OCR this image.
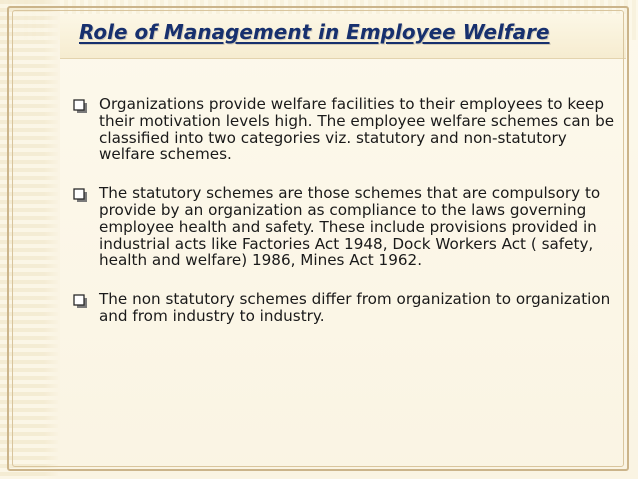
Role of Management in Employee Welfare

Organizations provide welfare facilities to their employees to keep their motivation levels high. The employee welfare schemes can be classified into two categories viz. statutory and non-statutory welfare schemes.

The statutory schemes are those schemes that are compulsory to provide by an organization as compliance to the laws governing employee health and safety. These include provisions provided in industrial acts like Factories Act 1948, Dock Workers Act ( safety, health and welfare) 1986, Mines Act 1962.

The non statutory schemes differ from organization to organization and from industry to industry.
